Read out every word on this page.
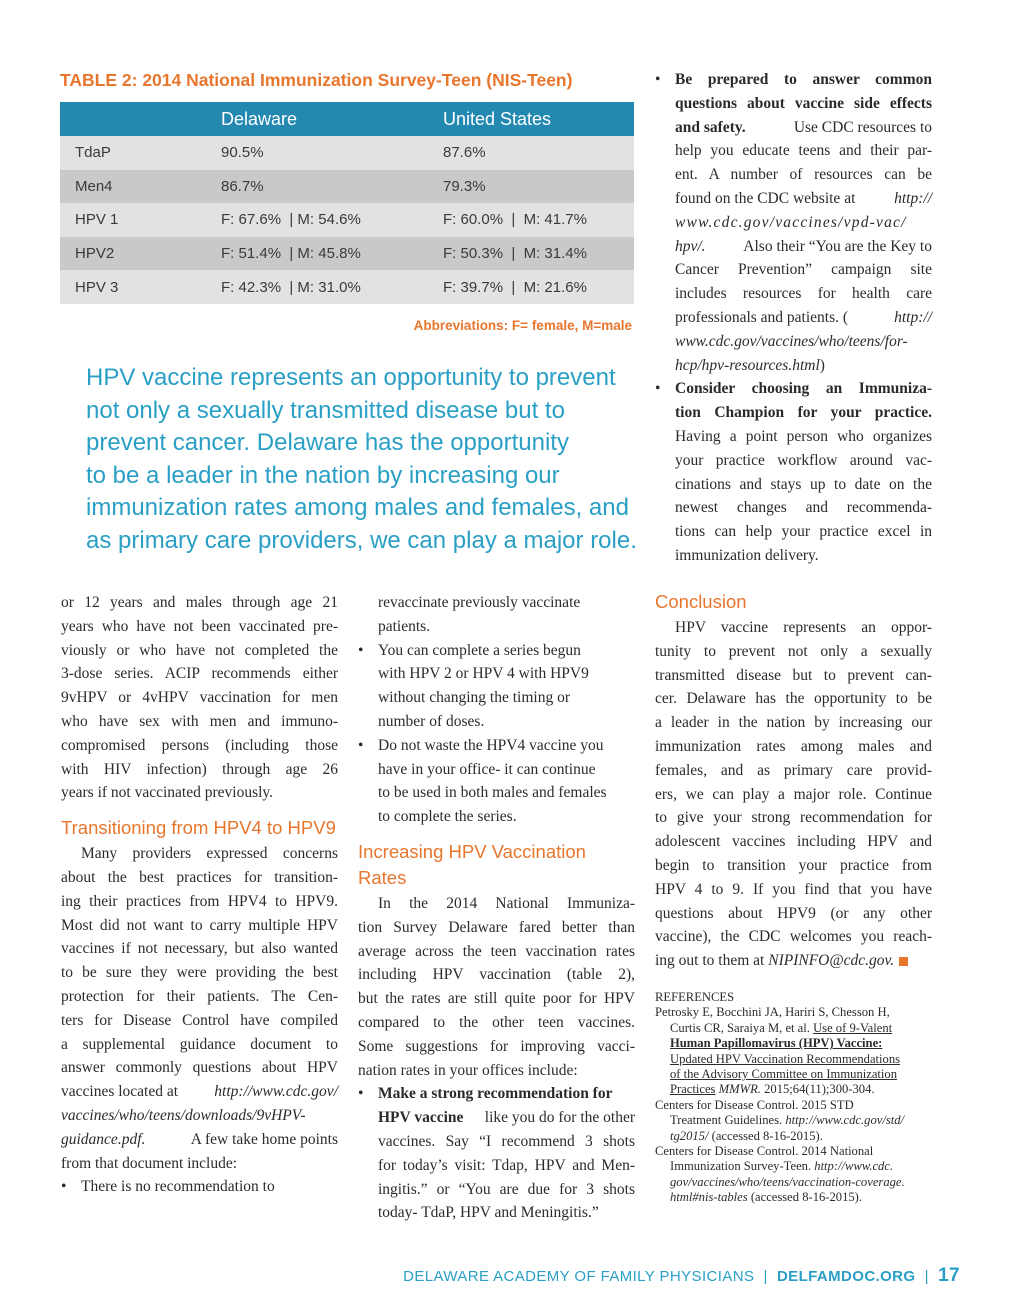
TABLE 2: 2014 National Immunization Survey-Teen (NIS-Teen)
	Delaware	United States
TdaP	90.5%	87.6%
Men4	86.7%	79.3%
HPV 1	F: 67.6%  | M: 54.6%	F: 60.0%  |  M: 41.7%
HPV2	F: 51.4%  | M: 45.8%	F: 50.3%  |  M: 31.4%
HPV 3	F: 42.3%  | M: 31.0%	F: 39.7%  |  M: 21.6%
Abbreviations: F= female, M=male
HPV vaccine represents an opportunity to prevent
not only a sexually transmitted disease but to
prevent cancer. Delaware has the opportunity
to be a leader in the nation by increasing our
immunization rates among males and females, and
as primary care providers, we can play a major role.
or 12 years and males through age 21
years who have not been vaccinated pre-
viously or who have not completed the
3-dose series. ACIP recommends either
9vHPV or 4vHPV vaccination for men
who have sex with men and immuno-
compromised persons (including those
with HIV infection) through age 26
years if not vaccinated previously.
Transitioning from HPV4 to HPV9
Many providers expressed concerns
about the best practices for transition-
ing their practices from HPV4 to HPV9.
Most did not want to carry multiple HPV
vaccines if not necessary, but also wanted
to be sure they were providing the best
protection for their patients. The Cen-
ters for Disease Control have compiled
a supplemental guidance document to
answer commonly questions about HPV
vaccines located at http://www.cdc.gov/
vaccines/who/teens/downloads/9vHPV-
guidance.pdf.	A few take home points
from that document include:
• There is no recommendation to
revaccinate previously vaccinate
patients.
• You can complete a series begun
with HPV 2 or HPV 4 with HPV9
without changing the timing or
number of doses.
• Do not waste the HPV4 vaccine you
have in your office- it can continue
to be used in both males and females
to complete the series.
Increasing HPV Vaccination Rates
In the 2014 National Immuniza-
tion Survey Delaware fared better than
average across the teen vaccination rates
including HPV vaccination (table 2),
but the rates are still quite poor for HPV
compared to the other teen vaccines.
Some suggestions for improving vacci-
nation rates in your offices include:
• Make a strong recommendation for
HPV vaccine like you do for the other
vaccines. Say “I recommend 3 shots
for today’s visit: Tdap, HPV and Men-
ingitis.” or “You are due for 3 shots
today- TdaP, HPV and Meningitis.”
• Be prepared to answer common
questions about vaccine side effects
and safety.	Use CDC resources to
help you educate teens and their par-
ent. A number of resources can be
found on the CDC website at http://
www.cdc.gov/vaccines/vpd-vac/
hpv/. Also their “You are the Key to
Cancer Prevention” campaign site
includes resources for health care
professionals and patients. (	http://
www.cdc.gov/vaccines/who/teens/for-
hcp/hpv-resources.html)
• Consider choosing an Immuniza-
tion Champion for your practice.
Having a point person who organizes
your practice workflow around vac-
cinations and stays up to date on the
newest changes and recommenda-
tions can help your practice excel in
immunization delivery.
Conclusion
HPV vaccine represents an oppor-
tunity to prevent not only a sexually
transmitted disease but to prevent can-
cer. Delaware has the opportunity to be
a leader in the nation by increasing our
immunization rates among males and
females, and as primary care provid-
ers, we can play a major role. Continue
to give your strong recommendation for
adolescent vaccines including HPV and
begin to transition your practice from
HPV 4 to 9. If you find that you have
questions about HPV9 (or any other
vaccine), the CDC welcomes you reach-
ing out to them at NIPINFO@cdc.gov.
REFERENCES
Petrosky E, Bocchini JA, Hariri S, Chesson H,
Curtis CR, Saraiya M, et al. Use of 9-Valent
Human Papillomavirus (HPV) Vaccine:
Updated HPV Vaccination Recommendations
of the Advisory Committee on Immunization
Practices MMWR. 2015;64(11);300-304.
Centers for Disease Control. 2015 STD
Treatment Guidelines. http://www.cdc.gov/std/
tg2015/ (accessed 8-16-2015).
Centers for Disease Control. 2014 National
Immunization Survey-Teen. http://www.cdc.
gov/vaccines/who/teens/vaccination-coverage.
html#nis-tables (accessed 8-16-2015).
DELAWARE ACADEMY OF FAMILY PHYSICIANS | DELFAMDOC.ORG | 17
